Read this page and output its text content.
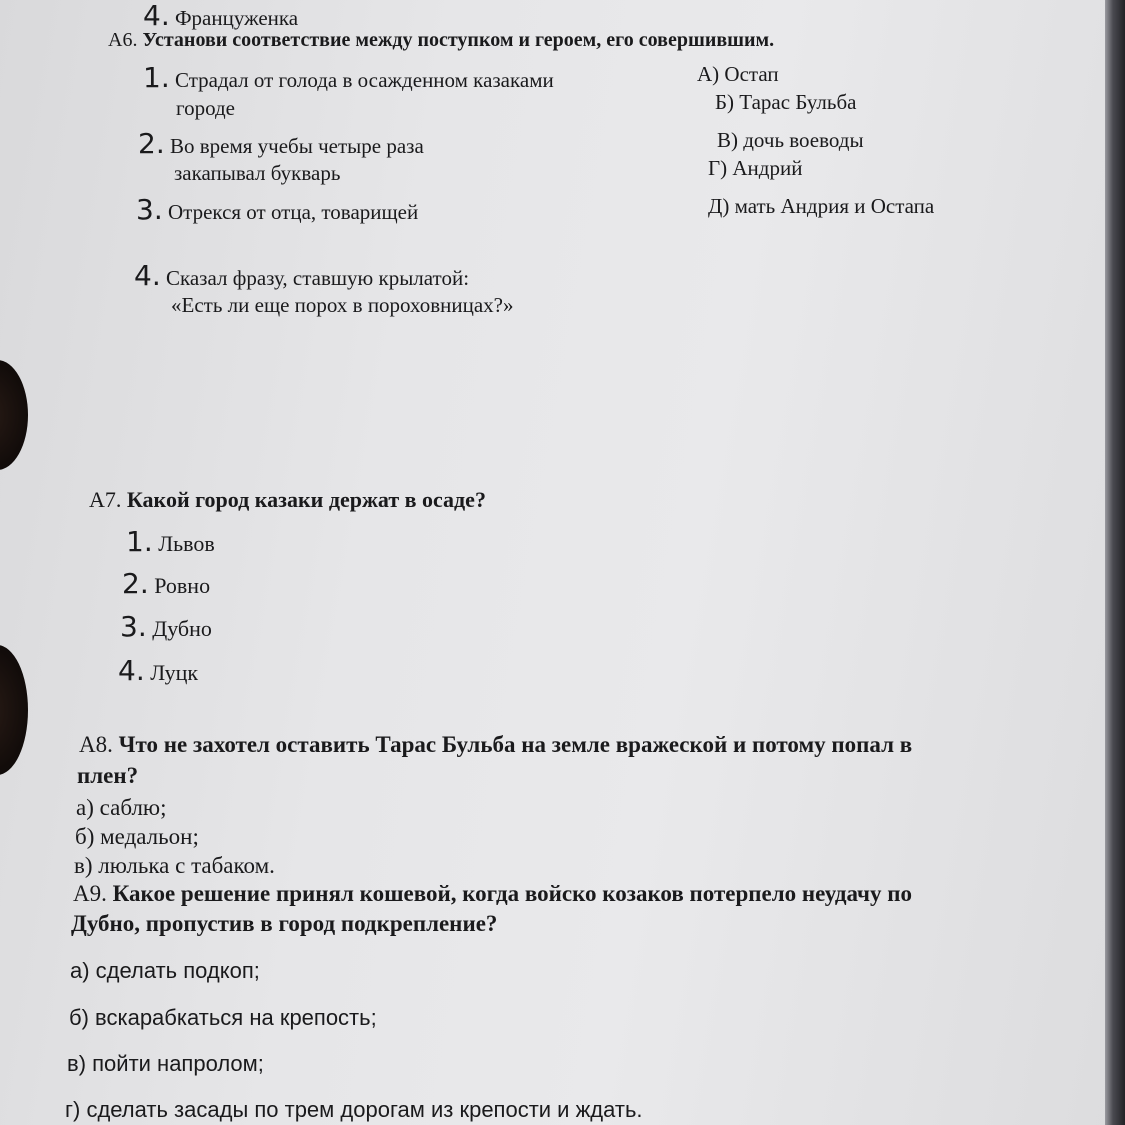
4. Француженка
А6. Установи соответствие между поступком и героем, его совершившим.
1. Страдал от голода в осажденном казаками
городе
2. Во время учебы четыре раза
закапывал букварь
3. Отрекся от отца, товарищей
4. Сказал фразу, ставшую крылатой:
«Есть ли еще порох в пороховницах?»
А) Остап
Б) Тарас Бульба
В) дочь воеводы
Г) Андрий
Д) мать Андрия и Остапа
А7. Какой город казаки держат в осаде?
1. Львов
2. Ровно
3. Дубно
4. Луцк
А8. Что не захотел оставить Тарас Бульба на земле вражеской и потому попал в
плен?
а) саблю;
б) медальон;
в) люлька с табаком.
А9. Какое решение принял кошевой, когда войско козаков потерпело неудачу по
Дубно, пропустив в город подкрепление?
а) сделать подкоп;
б) вскарабкаться на крепость;
в) пойти напролом;
г) сделать засады по трем дорогам из крепости и ждать.
